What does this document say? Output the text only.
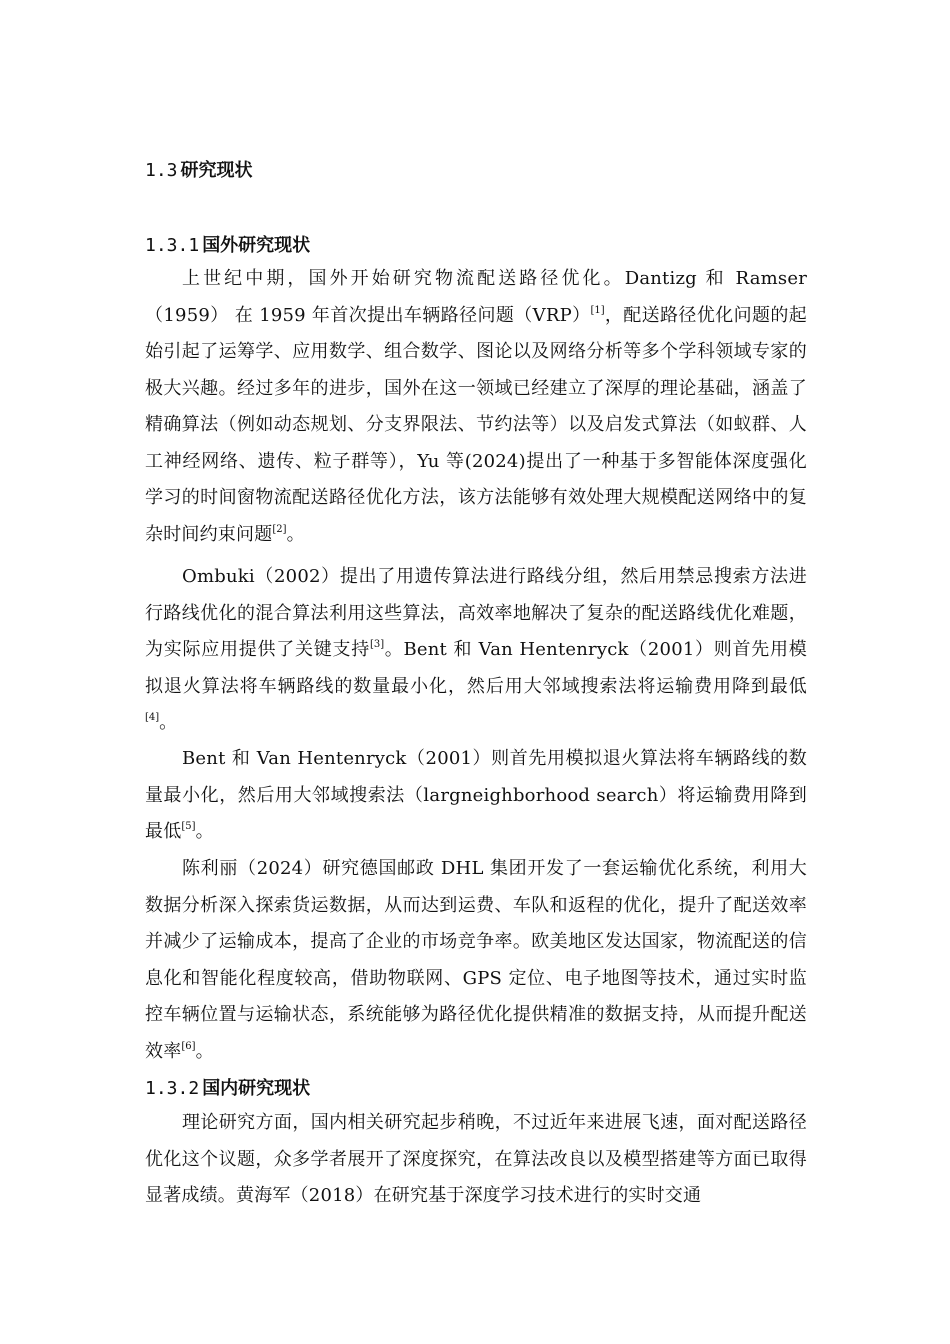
1.3 研究现状
1.3.1 国外研究现状
上世纪中期，国外开始研究物流配送路径优化。Dantizg 和 Ramser（1959） 在 1959 年首次提出车辆路径问题（VRP）[1]，配送路径优化问题的起始引起了运筹学、应用数学、组合数学、图论以及网络分析等多个学科领域专家的极大兴趣。经过多年的进步，国外在这一领域已经建立了深厚的理论基础，涵盖了精确算法（例如动态规划、分支界限法、节约法等）以及启发式算法（如蚁群、人工神经网络、遗传、粒子群等），Yu 等(2024)提出了一种基于多智能体深度强化学习的时间窗物流配送路径优化方法，该方法能够有效处理大规模配送网络中的复杂时间约束问题[2]。
Ombuki（2002）提出了用遗传算法进行路线分组，然后用禁忌搜索方法进行路线优化的混合算法利用这些算法，高效率地解决了复杂的配送路线优化难题，为实际应用提供了关键支持[3]。Bent 和 Van Hentenryck（2001）则首先用模拟退火算法将车辆路线的数量最小化，然后用大邻域搜索法将运输费用降到最低[4]。
Bent 和 Van Hentenryck（2001）则首先用模拟退火算法将车辆路线的数量最小化，然后用大邻域搜索法（largneighborhood search）将运输费用降到最低[5]。
陈利丽（2024）研究德国邮政 DHL 集团开发了一套运输优化系统，利用大数据分析深入探索货运数据，从而达到运费、车队和返程的优化，提升了配送效率并减少了运输成本，提高了企业的市场竞争率。欧美地区发达国家，物流配送的信息化和智能化程度较高，借助物联网、GPS 定位、电子地图等技术，通过实时监控车辆位置与运输状态，系统能够为路径优化提供精准的数据支持，从而提升配送效率[6]。
1.3.2 国内研究现状
理论研究方面，国内相关研究起步稍晚，不过近年来进展飞速，面对配送路径优化这个议题，众多学者展开了深度探究，在算法改良以及模型搭建等方面已取得显著成绩。黄海军（2018）在研究基于深度学习技术进行的实时交通
